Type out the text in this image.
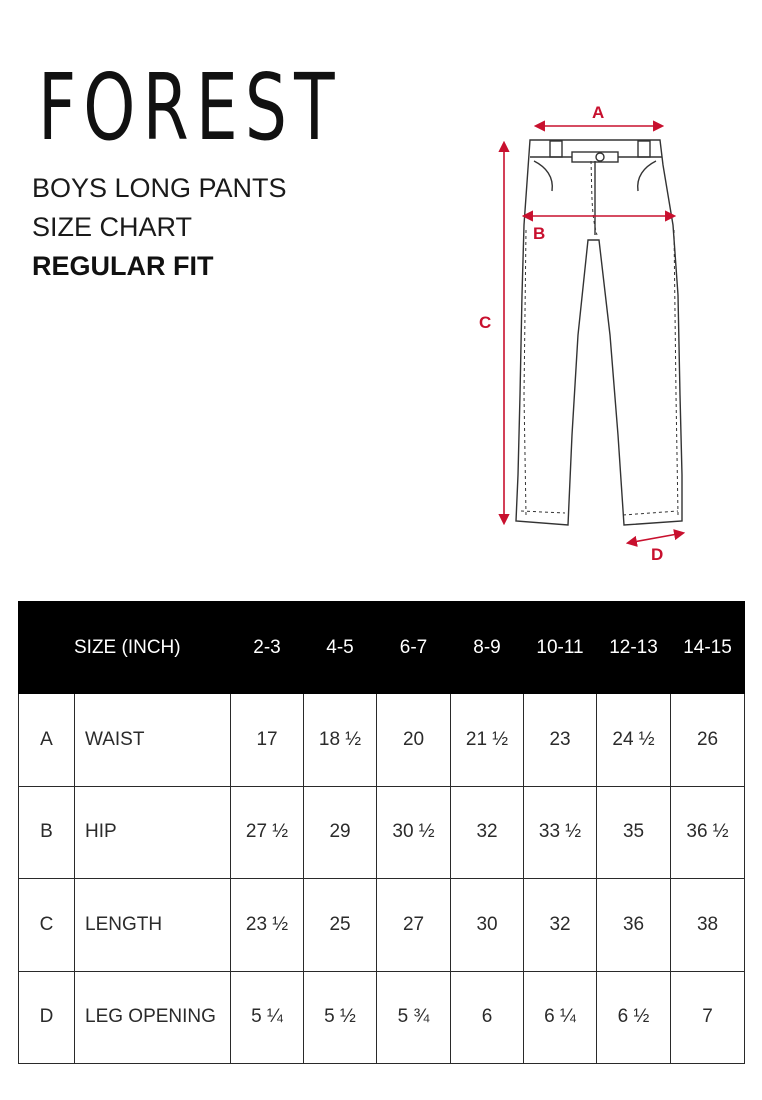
FOREST

BOYS LONG PANTS

SIZE CHART

REGULAR FIT

A
B
C
D
SIZE (INCH)		2-3	4-5	6-7	8-9	10-11	12-13	14-15
A	WAIST	17	18 ½	20	21 ½	23	24 ½	26
B	HIP	27 ½	29	30 ½	32	33 ½	35	36 ½
C	LENGTH	23 ½	25	27	30	32	36	38
D	LEG OPENING	5 ¼	5 ½	5 ¾	6	6 ¼	6 ½	7
